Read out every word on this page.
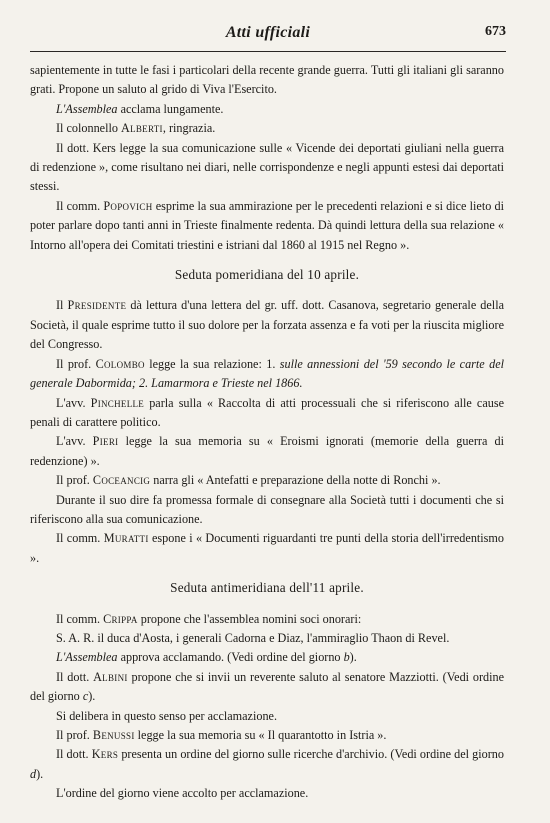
Atti ufficiali	673

sapientemente in tutte le fasi i particolari della recente grande guerra. Tutti gli italiani gli saranno grati. Propone un saluto al grido di Viva l'Esercito.

L'Assemblea acclama lungamente.

Il colonnello Alberti, ringrazia.

Il dott. Kers legge la sua comunicazione sulle « Vicende dei deportati giuliani nella guerra di redenzione », come risultano nei diari, nelle corrispondenze e negli appunti estesi dai deportati stessi.

Il comm. Popovich esprime la sua ammirazione per le precedenti relazioni e si dice lieto di poter parlare dopo tanti anni in Trieste finalmente redenta. Dà quindi lettura della sua relazione « Intorno all'opera dei Comitati triestini e istriani dal 1860 al 1915 nel Regno ».

Seduta pomeridiana del 10 aprile.

Il Presidente dà lettura d'una lettera del gr. uff. dott. Casanova, segretario generale della Società, il quale esprime tutto il suo dolore per la forzata assenza e fa voti per la riuscita migliore del Congresso.

Il prof. Colombo legge la sua relazione: 1. sulle annessioni del '59 secondo le carte del generale Dabormida; 2. Lamarmora e Trieste nel 1866.

L'avv. Pinchelle parla sulla « Raccolta di atti processuali che si riferiscono alle cause penali di carattere politico.

L'avv. Pieri legge la sua memoria su « Eroismi ignorati (memorie della guerra di redenzione) ».

Il prof. Coceancig narra gli « Antefatti e preparazione della notte di Ronchi ».

Durante il suo dire fa promessa formale di consegnare alla Società tutti i documenti che si riferiscono alla sua comunicazione.

Il comm. Muratti espone i « Documenti riguardanti tre punti della storia dell'irredentismo ».

Seduta antimeridiana dell'11 aprile.

Il comm. Crippa propone che l'assemblea nomini soci onorari:

S. A. R. il duca d'Aosta, i generali Cadorna e Diaz, l'ammiraglio Thaon di Revel.

L'Assemblea approva acclamando. (Vedi ordine del giorno b).

Il dott. Albini propone che si invii un reverente saluto al senatore Mazziotti. (Vedi ordine del giorno c).

Si delibera in questo senso per acclamazione.

Il prof. Benussi legge la sua memoria su « Il quarantotto in Istria ».

Il dott. Kers presenta un ordine del giorno sulle ricerche d'archivio. (Vedi ordine del giorno d).

L'ordine del giorno viene accolto per acclamazione.
